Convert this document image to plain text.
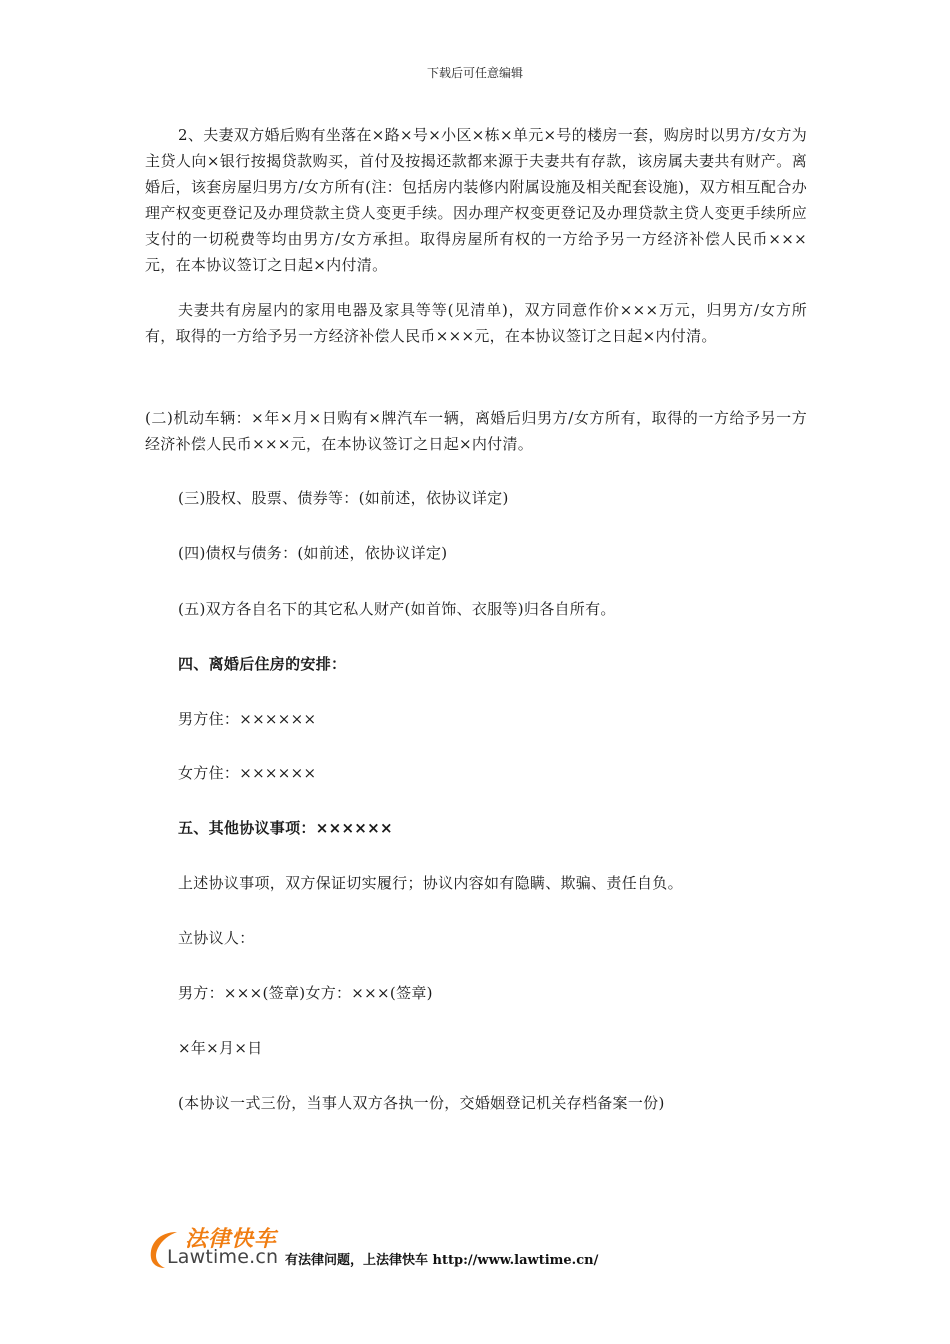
下载后可任意编辑
2、夫妻双方婚后购有坐落在×路×号×小区×栋×单元×号的楼房一套，购房时以男方/女方为主贷人向×银行按揭贷款购买，首付及按揭还款都来源于夫妻共有存款，该房属夫妻共有财产。离婚后，该套房屋归男方/女方所有(注：包括房内装修内附属设施及相关配套设施)，双方相互配合办理产权变更登记及办理贷款主贷人变更手续。因办理产权变更登记及办理贷款主贷人变更手续所应支付的一切税费等均由男方/女方承担。取得房屋所有权的一方给予另一方经济补偿人民币×××元，在本协议签订之日起×内付清。
夫妻共有房屋内的家用电器及家具等等(见清单)，双方同意作价×××万元，归男方/女方所有，取得的一方给予另一方经济补偿人民币×××元，在本协议签订之日起×内付清。
(二)机动车辆：×年×月×日购有×牌汽车一辆，离婚后归男方/女方所有，取得的一方给予另一方经济补偿人民币×××元，在本协议签订之日起×内付清。
(三)股权、股票、债券等：(如前述，依协议详定)
(四)债权与债务：(如前述，依协议详定)
(五)双方各自名下的其它私人财产(如首饰、衣服等)归各自所有。
四、离婚后住房的安排：
男方住：××××××
女方住：××××××
五、其他协议事项：××××××
上述协议事项，双方保证切实履行；协议内容如有隐瞒、欺骗、责任自负。
立协议人：
男方：×××(签章)女方：×××(签章)
×年×月×日
(本协议一式三份，当事人双方各执一份，交婚姻登记机关存档备案一份)
法律快车
Lawtime.cn 有法律问题，上法律快车 http://www.lawtime.cn/
